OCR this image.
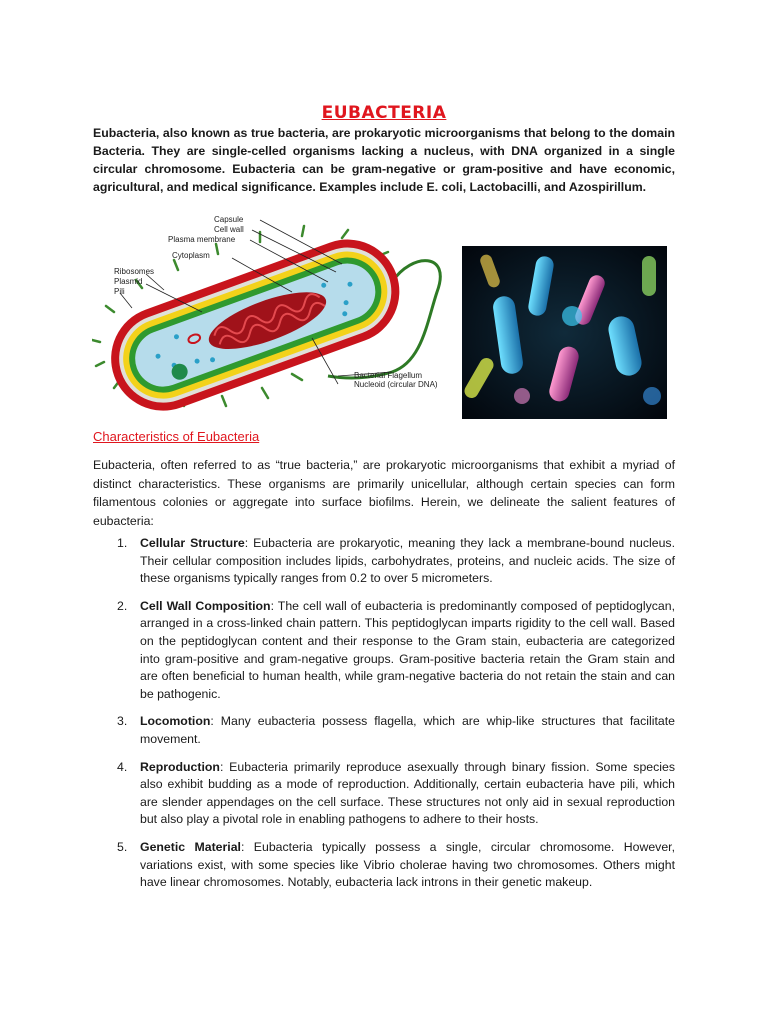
EUBACTERIA

Eubacteria, also known as true bacteria, are prokaryotic microorganisms that belong to the domain Bacteria. They are single-celled organisms lacking a nucleus, with DNA organized in a single circular chromosome. Eubacteria can be gram-negative or gram-positive and have economic, agricultural, and medical significance. Examples include E. coli, Lactobacilli, and Azospirillum.

Capsule
Cell wall
Plasma membrane
Cytoplasm
Ribosomes
Plasmid
Pili
Bacterial Flagellum
Nucleoid (circular DNA)
Characteristics of Eubacteria

Eubacteria, often referred to as “true bacteria,” are prokaryotic microorganisms that exhibit a myriad of distinct characteristics. These organisms are primarily unicellular, although certain species can form filamentous colonies or aggregate into surface biofilms. Herein, we delineate the salient features of eubacteria:

1. Cellular Structure: Eubacteria are prokaryotic, meaning they lack a membrane-bound nucleus. Their cellular composition includes lipids, carbohydrates, proteins, and nucleic acids. The size of these organisms typically ranges from 0.2 to over 5 micrometers.
2. Cell Wall Composition: The cell wall of eubacteria is predominantly composed of peptidoglycan, arranged in a cross-linked chain pattern. This peptidoglycan imparts rigidity to the cell wall. Based on the peptidoglycan content and their response to the Gram stain, eubacteria are categorized into gram-positive and gram-negative groups. Gram-positive bacteria retain the Gram stain and are often beneficial to human health, while gram-negative bacteria do not retain the stain and can be pathogenic.
3. Locomotion: Many eubacteria possess flagella, which are whip-like structures that facilitate movement.
4. Reproduction: Eubacteria primarily reproduce asexually through binary fission. Some species also exhibit budding as a mode of reproduction. Additionally, certain eubacteria have pili, which are slender appendages on the cell surface. These structures not only aid in sexual reproduction but also play a pivotal role in enabling pathogens to adhere to their hosts.
5. Genetic Material: Eubacteria typically possess a single, circular chromosome. However, variations exist, with some species like Vibrio cholerae having two chromosomes. Others might have linear chromosomes. Notably, eubacteria lack introns in their genetic makeup.
